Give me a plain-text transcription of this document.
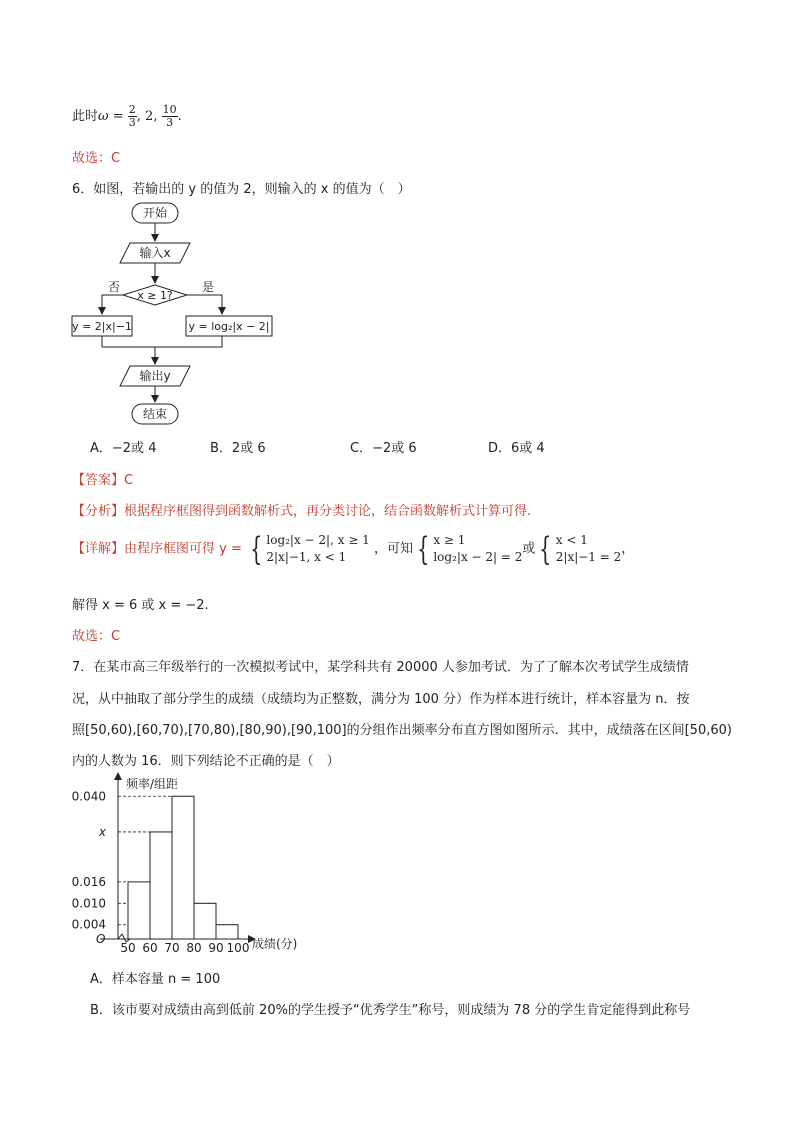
此时$\omega = \frac{2}{3}$ , 2, $\frac{10}{3}$ .
故选：C
6．如图，若输出的 y 的值为 2，则输入的 x 的值为（　）
开始
输入x
x ≥ 1?
否	是
y = 2|x|−1	y = log₂|x − 2|
输出y
结束
A．−2或 4	B．2或 6	C．−2或 6	D．6或 4
【答案】C
【分析】根据程序框图得到函数解析式，再分类讨论，结合函数解析式计算可得.
【详解】由程序框图可得 y = { log₂|x − 2|, x ≥ 1
2|x|−1, x < 1
，可知 { x ≥ 1
log₂|x − 2| = 2
或 { x < 1
2|x|−1 = 2
，
解得 x = 6 或 x = −2.
故选：C
7．在某市高三年级举行的一次模拟考试中，某学科共有 20000 人参加考试．为了了解本次考试学生成绩情
况，从中抽取了部分学生的成绩（成绩均为正整数，满分为 100 分）作为样本进行统计，样本容量为 n．按
照[50,60),[60,70),[70,80),[80,90),[90,100]的分组作出频率分布直方图如图所示．其中，成绩落在区间[50,60)
内的人数为 16．则下列结论不正确的是（　）
频率/组距
成绩(分)
O
0.040
x
0.016
0.010
0.004
50 60 70 80 90 100
A．样本容量 n = 100
B．该市要对成绩由高到低前 20%的学生授予“优秀学生”称号，则成绩为 78 分的学生肯定能得到此称号
